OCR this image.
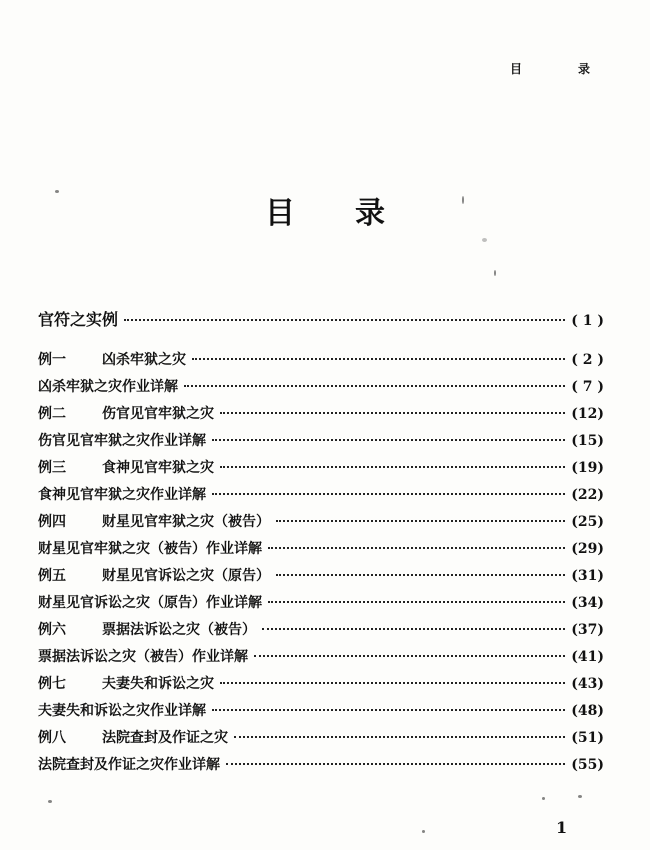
目	录
目 录
官符之实例	( 1 )
例一	凶杀牢狱之灾	( 2 )
凶杀牢狱之灾作业详解	( 7 )
例二	伤官见官牢狱之灾	(12)
伤官见官牢狱之灾作业详解	(15)
例三	食神见官牢狱之灾	(19)
食神见官牢狱之灾作业详解	(22)
例四	财星见官牢狱之灾（被告）	(25)
财星见官牢狱之灾（被告）作业详解	(29)
例五	财星见官诉讼之灾（原告）	(31)
财星见官诉讼之灾（原告）作业详解	(34)
例六	票据法诉讼之灾（被告）	(37)
票据法诉讼之灾（被告）作业详解	(41)
例七	夫妻失和诉讼之灾	(43)
夫妻失和诉讼之灾作业详解	(48)
例八	法院查封及作证之灾	(51)
法院查封及作证之灾作业详解	(55)
1
